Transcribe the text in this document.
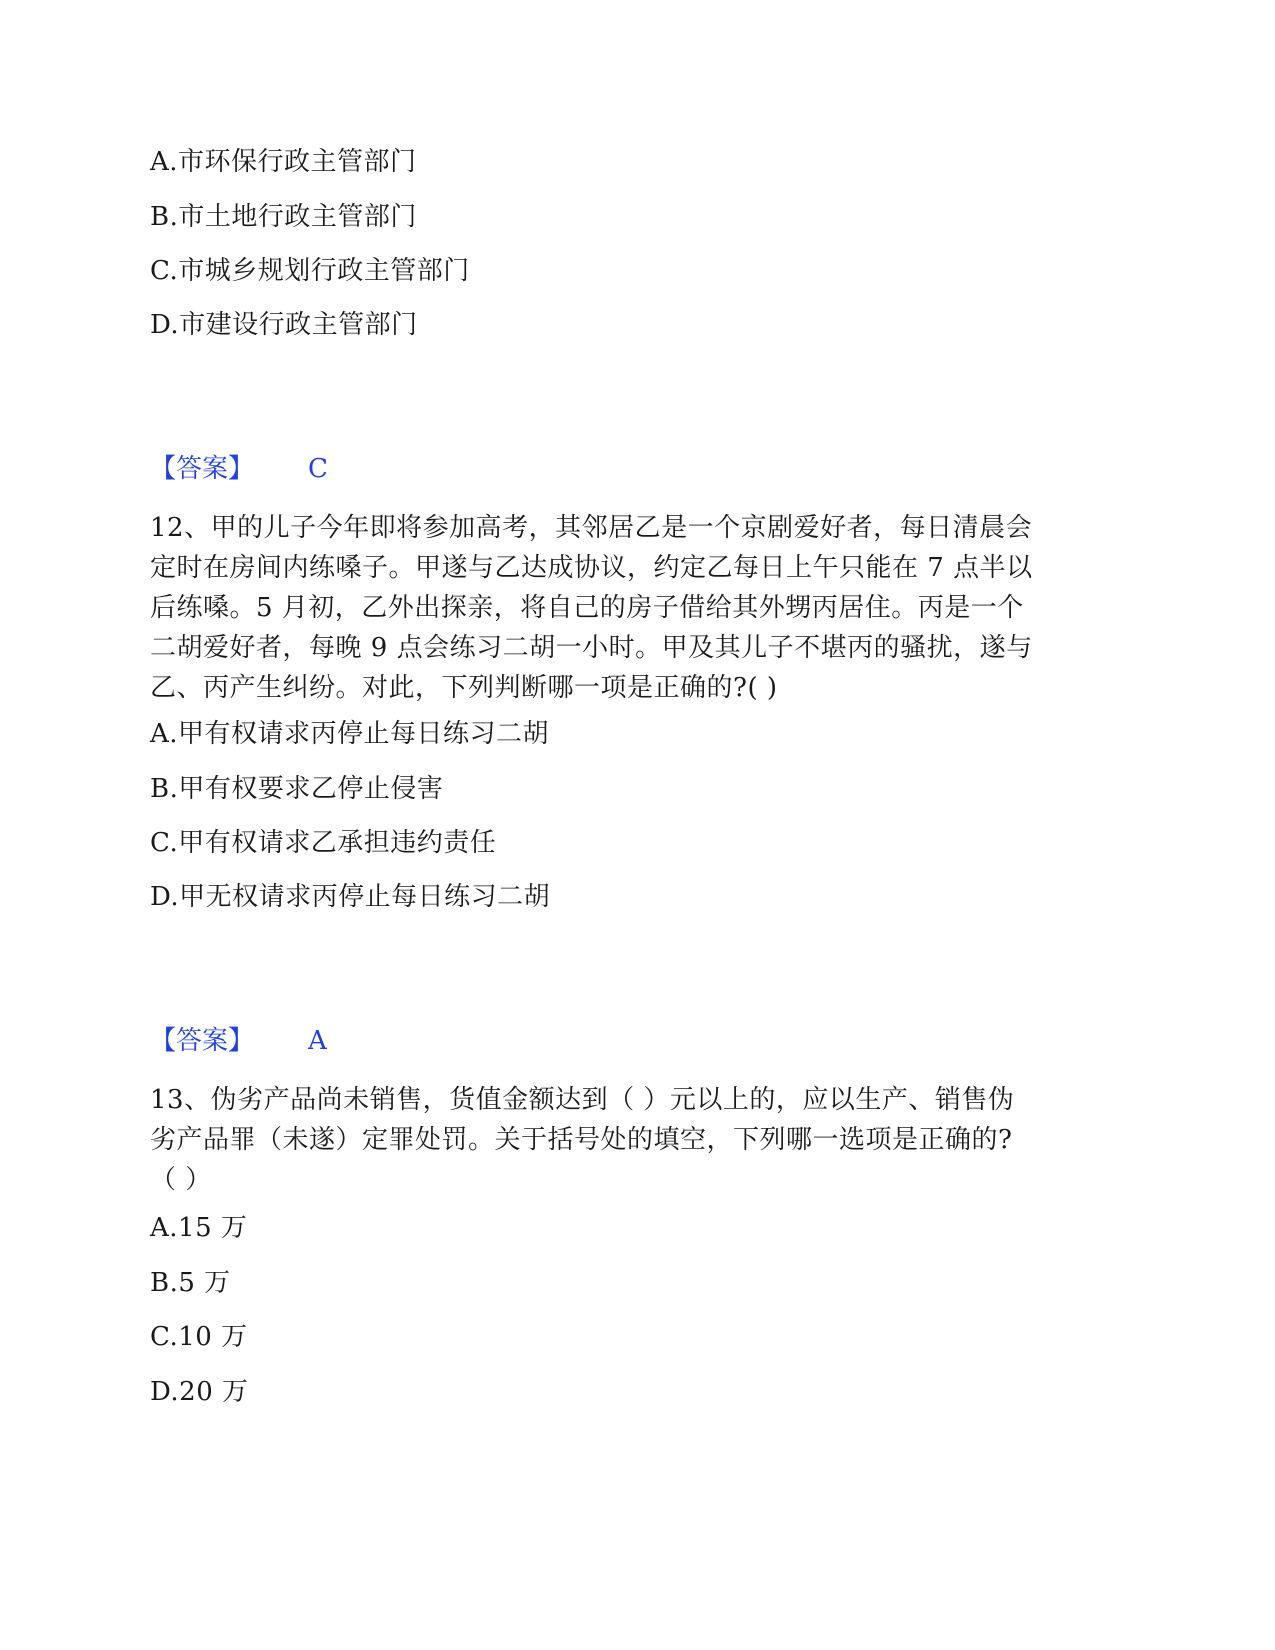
A.市环保行政主管部门
B.市土地行政主管部门
C.市城乡规划行政主管部门
D.市建设行政主管部门
【答案】 C
12、甲的儿子今年即将参加高考，其邻居乙是一个京剧爱好者，每日清晨会
定时在房间内练嗓子。甲遂与乙达成协议，约定乙每日上午只能在 7 点半以
后练嗓。5 月初，乙外出探亲，将自己的房子借给其外甥丙居住。丙是一个
二胡爱好者，每晚 9 点会练习二胡一小时。甲及其儿子不堪丙的骚扰，遂与
乙、丙产生纠纷。对此，下列判断哪一项是正确的?( )
A.甲有权请求丙停止每日练习二胡
B.甲有权要求乙停止侵害
C.甲有权请求乙承担违约责任
D.甲无权请求丙停止每日练习二胡
【答案】 A
13、伪劣产品尚未销售，货值金额达到（ ）元以上的，应以生产、销售伪
劣产品罪（未遂）定罪处罚。关于括号处的填空，下列哪一选项是正确的?
（ ）
A.15 万
B.5 万
C.10 万
D.20 万
